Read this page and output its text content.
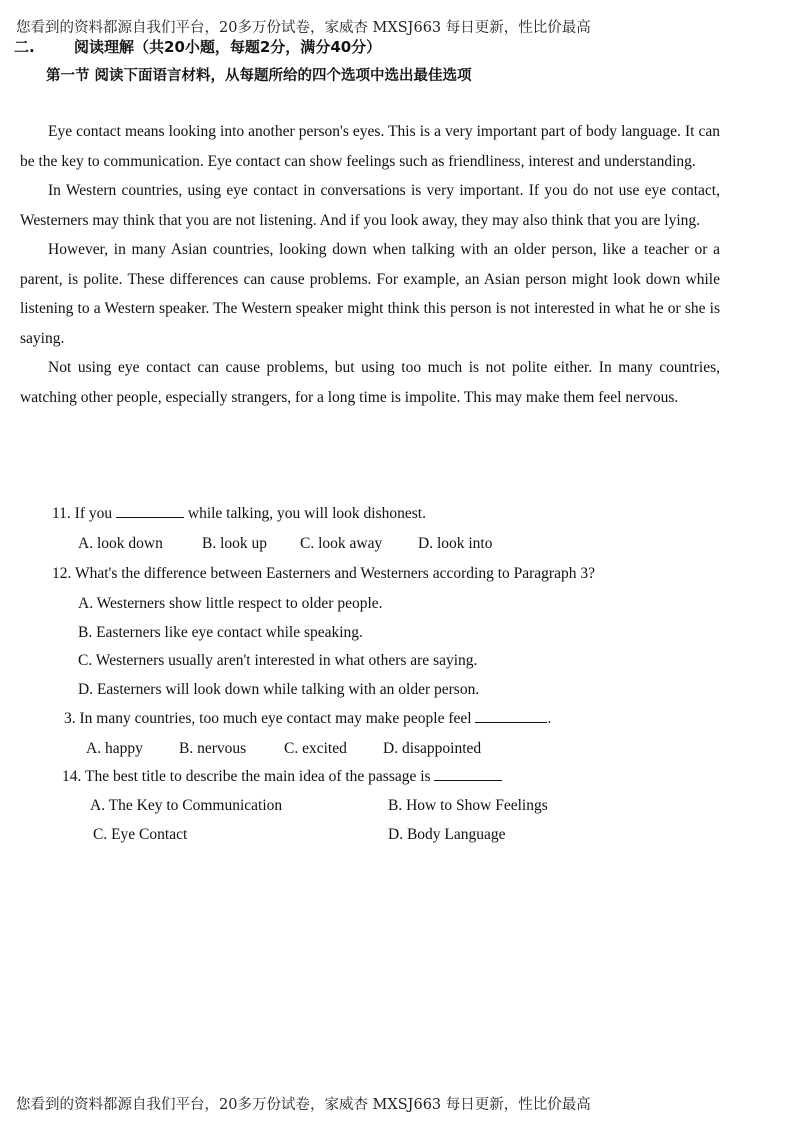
您看到的资料都源自我们平台，20多万份试卷，家威杏 MXSJ663 每日更新，性比价最高
二.	阅读理解（共20小题，每题2分，满分40分）
第一节 阅读下面语言材料，从每题所给的四个选项中选出最佳选项

Eye contact means looking into another person's eyes. This is a very important part of body language. It can be the key to communication. Eye contact can show feelings such as friendliness, interest and understanding.

In Western countries, using eye contact in conversations is very important. If you do not use eye contact, Westerners may think that you are not listening. And if you look away, they may also think that you are lying.

However, in many Asian countries, looking down when talking with an older person, like a teacher or a parent, is polite. These differences can cause problems. For example, an Asian person might look down while listening to a Western speaker. The Western speaker might think this person is not interested in what he or she is saying.

Not using eye contact can cause problems, but using too much is not polite either. In many countries, watching other people, especially strangers, for a long time is impolite. This may make them feel nervous.

11. If you	while talking, you will look dishonest.
A. look down	B. look up C. look away D. look into
12. What's the difference between Easterners and Westerners according to Paragraph 3?
A. Westerners show little respect to older people.
B. Easterners like eye contact while speaking.
C. Westerners usually aren't interested in what others are saying.
D. Easterners will look down while talking with an older person.
3. In many countries, too much eye contact may make people feel	.
A. happy B. nervous C. excited D. disappointed
14. The best title to describe the main idea of the passage is
A. The Key to Communication	B. How to Show Feelings
C. Eye Contact	D. Body Language
您看到的资料都源自我们平台，20多万份试卷，家威杏 MXSJ663 每日更新，性比价最高
